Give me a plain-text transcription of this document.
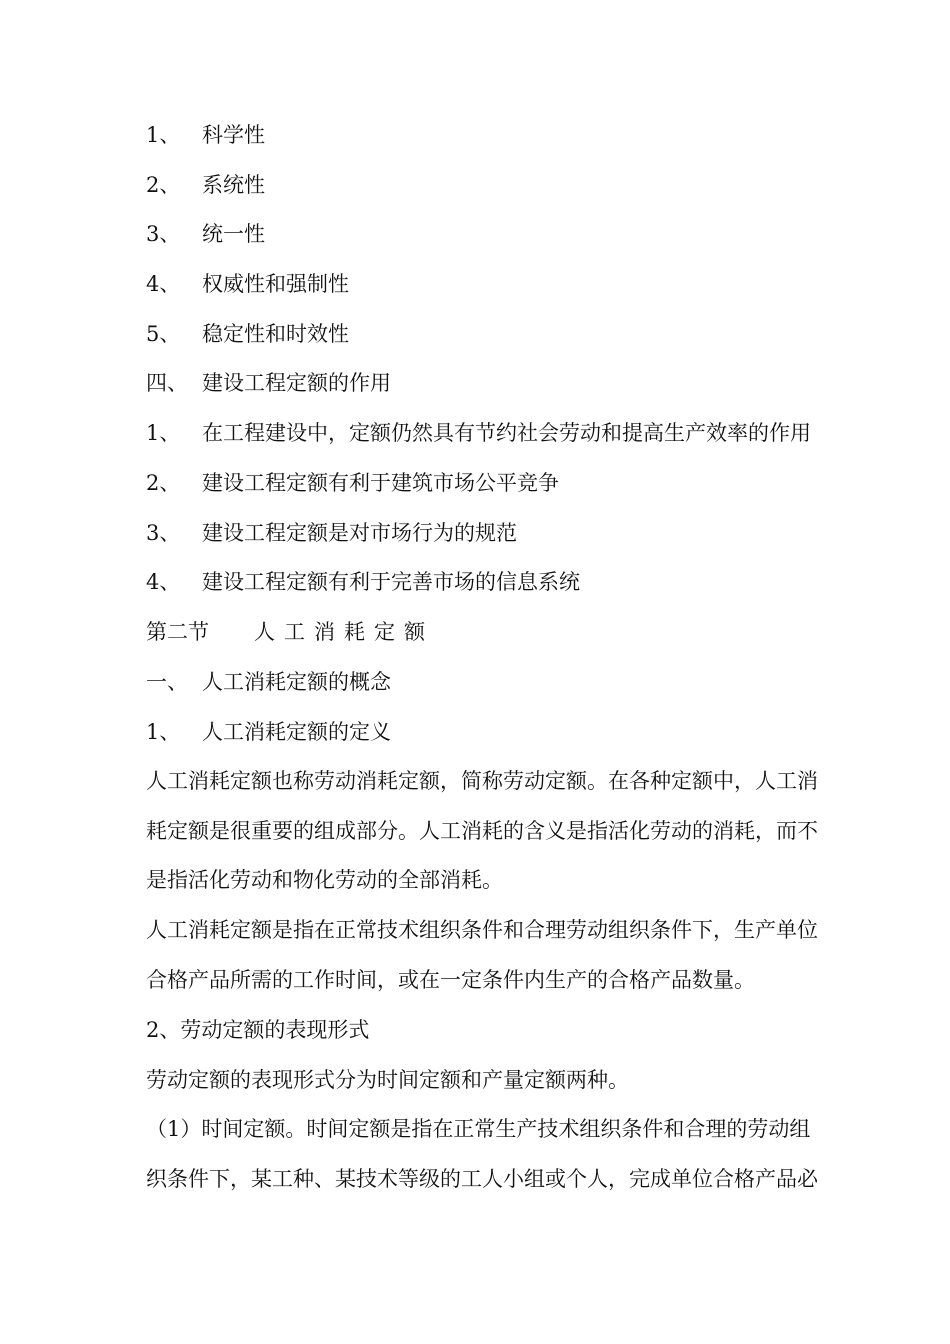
1、 科学性
2、 系统性
3、 统一性
4、 权威性和强制性
5、 稳定性和时效性
四、 建设工程定额的作用
1、 在工程建设中，定额仍然具有节约社会劳动和提高生产效率的作用
2、 建设工程定额有利于建筑市场公平竞争
3、 建设工程定额是对市场行为的规范
4、 建设工程定额有利于完善市场的信息系统
第二节 人工消耗定额
一、 人工消耗定额的概念
1、 人工消耗定额的定义
人工消耗定额也称劳动消耗定额，简称劳动定额。在各种定额中，人工消
耗定额是很重要的组成部分。人工消耗的含义是指活化劳动的消耗，而不
是指活化劳动和物化劳动的全部消耗。
人工消耗定额是指在正常技术组织条件和合理劳动组织条件下，生产单位
合格产品所需的工作时间，或在一定条件内生产的合格产品数量。
2、劳动定额的表现形式
劳动定额的表现形式分为时间定额和产量定额两种。
（1）时间定额。时间定额是指在正常生产技术组织条件和合理的劳动组
织条件下，某工种、某技术等级的工人小组或个人，完成单位合格产品必
